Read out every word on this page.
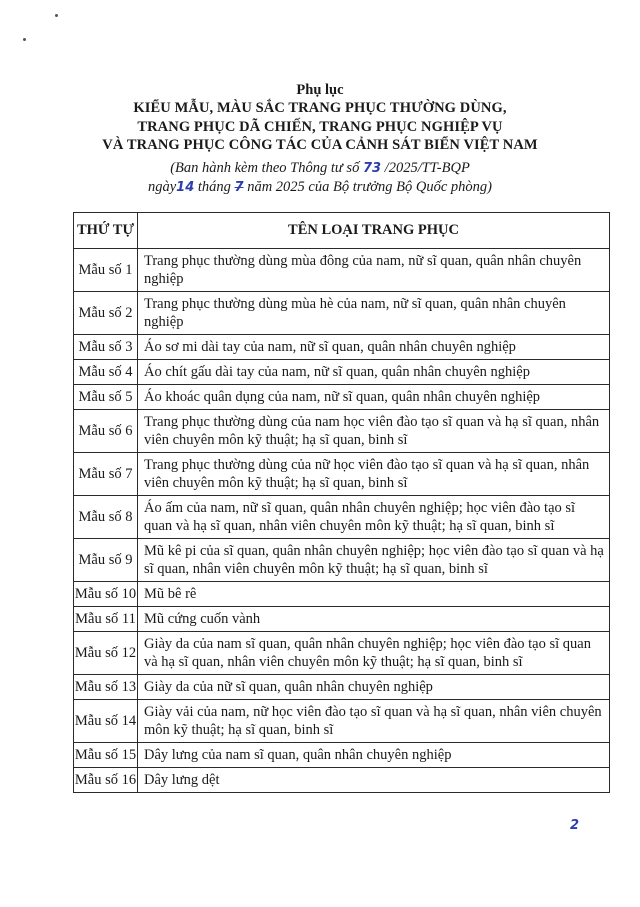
Phụ lục
KIỂU MẪU, MÀU SẮC TRANG PHỤC THƯỜNG DÙNG,
TRANG PHỤC DÃ CHIẾN, TRANG PHỤC NGHIỆP VỤ
VÀ TRANG PHỤC CÔNG TÁC CỦA CẢNH SÁT BIỂN VIỆT NAM
(Ban hành kèm theo Thông tư số 73 /2025/TT-BQP
ngày14 tháng 7 năm 2025 của Bộ trưởng Bộ Quốc phòng)
THỨ TỰ	TÊN LOẠI TRANG PHỤC
Mẫu số 1	Trang phục thường dùng mùa đông của nam, nữ sĩ quan, quân nhân chuyên nghiệp
Mẫu số 2	Trang phục thường dùng mùa hè của nam, nữ sĩ quan, quân nhân chuyên nghiệp
Mẫu số 3	Áo sơ mi dài tay của nam, nữ sĩ quan, quân nhân chuyên nghiệp
Mẫu số 4	Áo chít gấu dài tay của nam, nữ sĩ quan, quân nhân chuyên nghiệp
Mẫu số 5	Áo khoác quân dụng của nam, nữ sĩ quan, quân nhân chuyên nghiệp
Mẫu số 6	Trang phục thường dùng của nam học viên đào tạo sĩ quan và hạ sĩ quan, nhân viên chuyên môn kỹ thuật; hạ sĩ quan, binh sĩ
Mẫu số 7	Trang phục thường dùng của nữ học viên đào tạo sĩ quan và hạ sĩ quan, nhân viên chuyên môn kỹ thuật; hạ sĩ quan, binh sĩ
Mẫu số 8	Áo ấm của nam, nữ sĩ quan, quân nhân chuyên nghiệp; học viên đào tạo sĩ quan và hạ sĩ quan, nhân viên chuyên môn kỹ thuật; hạ sĩ quan, binh sĩ
Mẫu số 9	Mũ kê pi của sĩ quan, quân nhân chuyên nghiệp; học viên đào tạo sĩ quan và hạ sĩ quan, nhân viên chuyên môn kỹ thuật; hạ sĩ quan, binh sĩ
Mẫu số 10	Mũ bê rê
Mẫu số 11	Mũ cứng cuốn vành
Mẫu số 12	Giày da của nam sĩ quan, quân nhân chuyên nghiệp; học viên đào tạo sĩ quan và hạ sĩ quan, nhân viên chuyên môn kỹ thuật; hạ sĩ quan, binh sĩ
Mẫu số 13	Giày da của nữ sĩ quan, quân nhân chuyên nghiệp
Mẫu số 14	Giày vải của nam, nữ học viên đào tạo sĩ quan và hạ sĩ quan, nhân viên chuyên môn kỹ thuật; hạ sĩ quan, binh sĩ
Mẫu số 15	Dây lưng của nam sĩ quan, quân nhân chuyên nghiệp
Mẫu số 16	Dây lưng dệt
2
